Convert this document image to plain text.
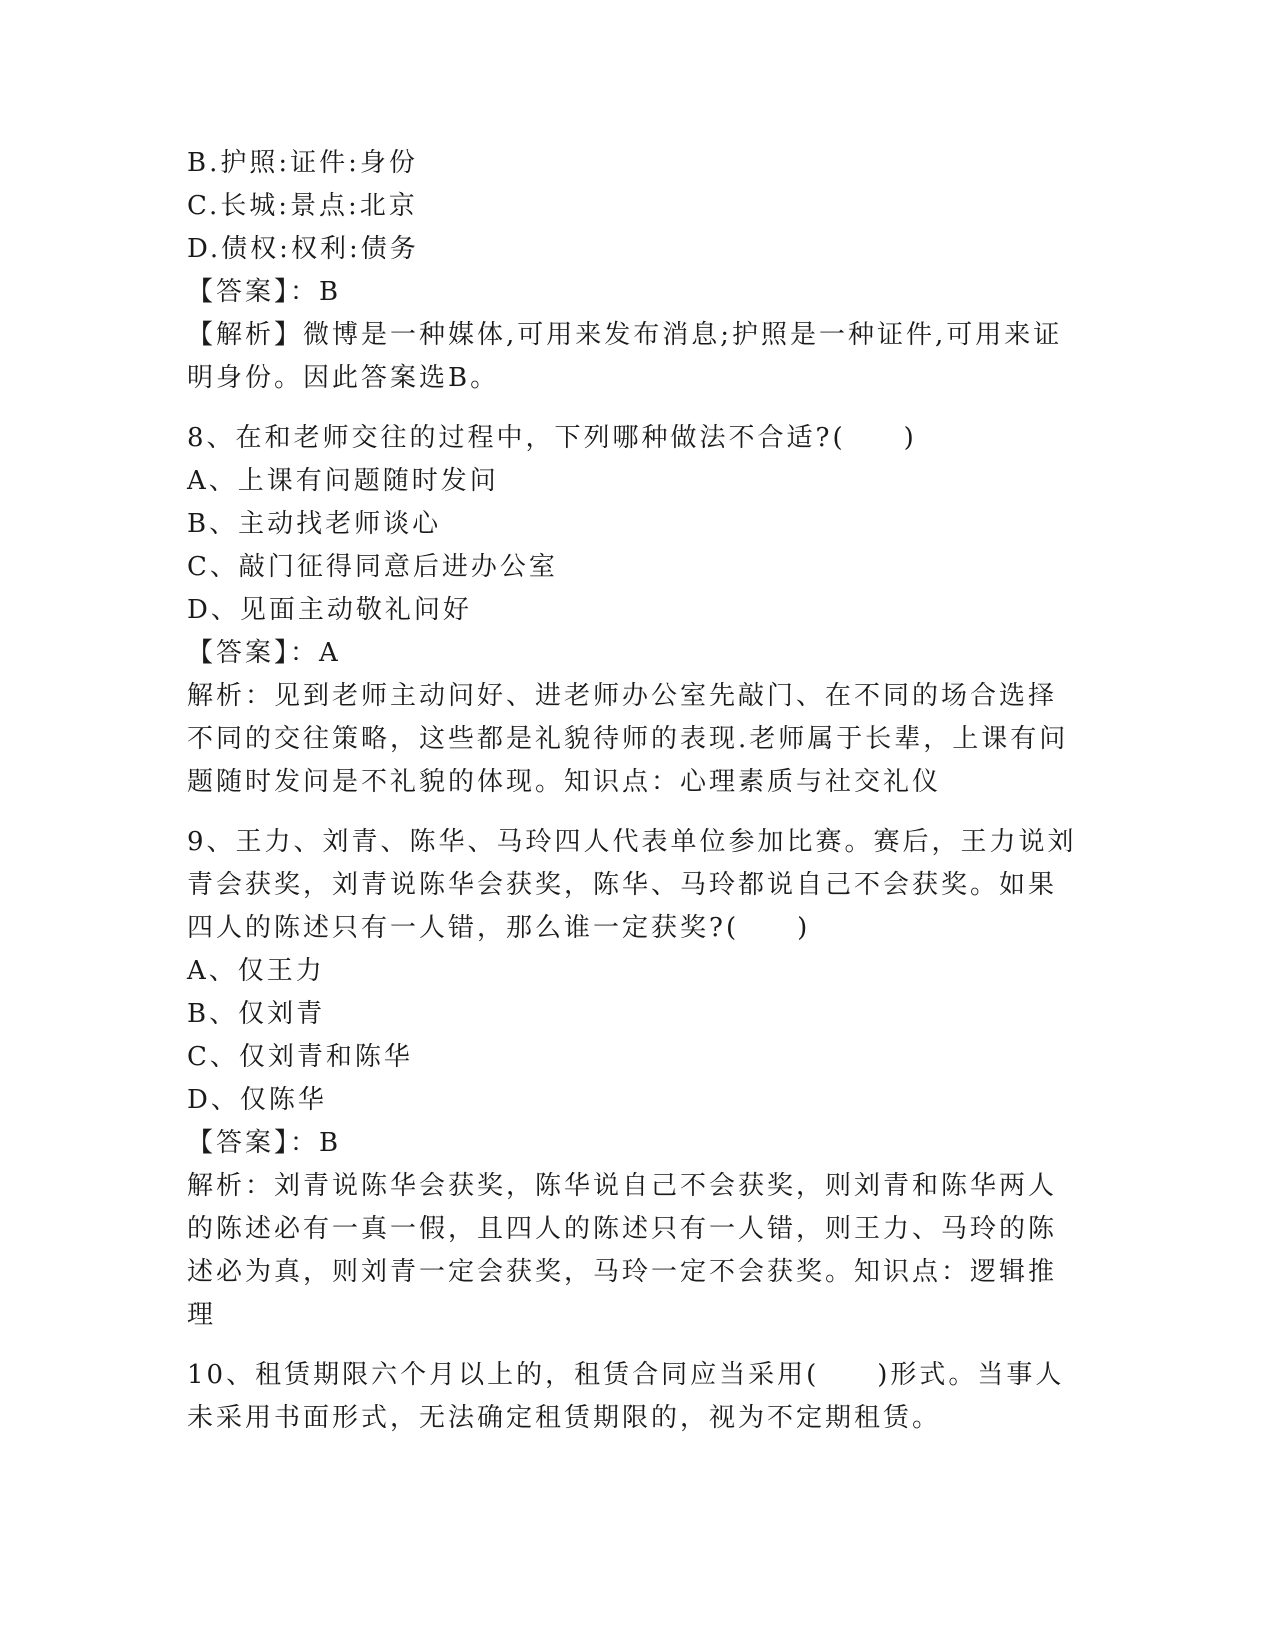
B.护照:证件:身份
C.长城:景点:北京
D.债权:权利:债务
【答案】：B
【解析】微博是一种媒体,可用来发布消息;护照是一种证件,可用来证
明身份。因此答案选B。
8、在和老师交往的过程中，下列哪种做法不合适?(　　)
A、上课有问题随时发问
B、主动找老师谈心
C、敲门征得同意后进办公室
D、见面主动敬礼问好
【答案】：A
解析：见到老师主动问好、进老师办公室先敲门、在不同的场合选择
不同的交往策略，这些都是礼貌待师的表现.老师属于长辈，上课有问
题随时发问是不礼貌的体现。知识点：心理素质与社交礼仪
9、王力、刘青、陈华、马玲四人代表单位参加比赛。赛后，王力说刘
青会获奖，刘青说陈华会获奖，陈华、马玲都说自己不会获奖。如果
四人的陈述只有一人错，那么谁一定获奖?(　　)
A、仅王力
B、仅刘青
C、仅刘青和陈华
D、仅陈华
【答案】：B
解析：刘青说陈华会获奖，陈华说自己不会获奖，则刘青和陈华两人
的陈述必有一真一假，且四人的陈述只有一人错，则王力、马玲的陈
述必为真，则刘青一定会获奖，马玲一定不会获奖。知识点：逻辑推
理
10、租赁期限六个月以上的，租赁合同应当采用(　　)形式。当事人
未采用书面形式，无法确定租赁期限的，视为不定期租赁。
